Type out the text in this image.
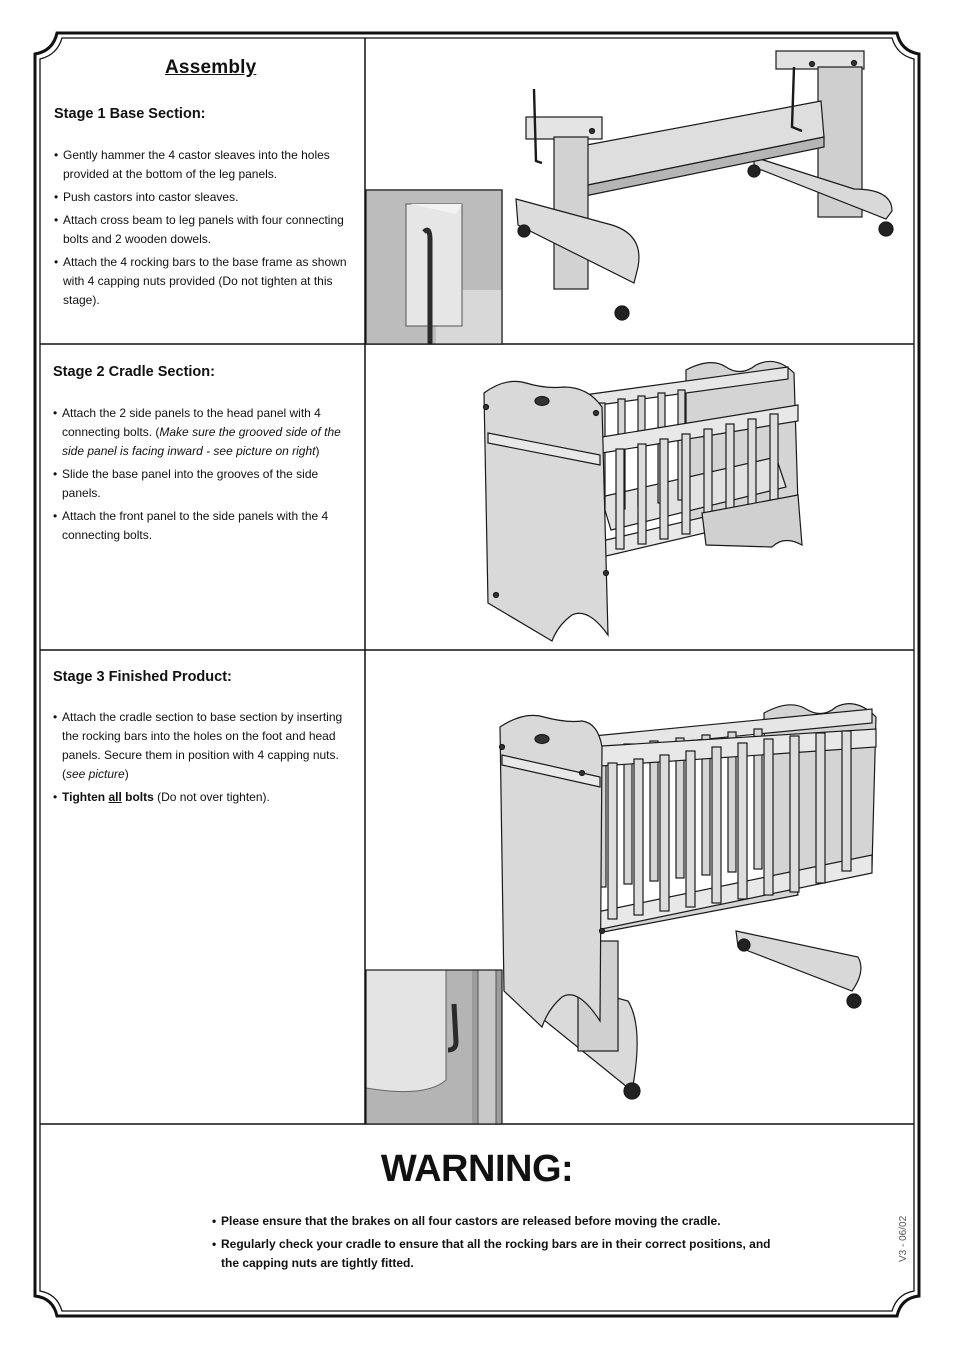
Assembly
Stage 1 Base Section:
• Gently hammer the 4 castor sleaves into the holes provided at the bottom of the leg panels.
• Push castors into castor sleaves.
• Attach cross beam to leg panels with four connecting bolts and 2 wooden dowels.
• Attach the 4 rocking bars to the base frame as shown with 4 capping nuts provided (Do not tighten at this stage).
Stage 2 Cradle Section:
• Attach the 2 side panels to the head panel with 4 connecting bolts. (Make sure the grooved side of the side panel is facing inward - see picture on right)
• Slide the base panel into the grooves of the side panels.
• Attach the front panel to the side panels with the 4 connecting bolts.
Stage 3 Finished Product:
• Attach the cradle section to base section by inserting the rocking bars into the holes on the foot and head panels. Secure them in position with 4 capping nuts. (see picture)
• Tighten all bolts (Do not over tighten).
WARNING:
• Please ensure that the brakes on all four castors are released before moving the cradle.
• Regularly check your cradle to ensure that all the rocking bars are in their correct positions, and the capping nuts are tightly fitted.
V3 - 06/02
